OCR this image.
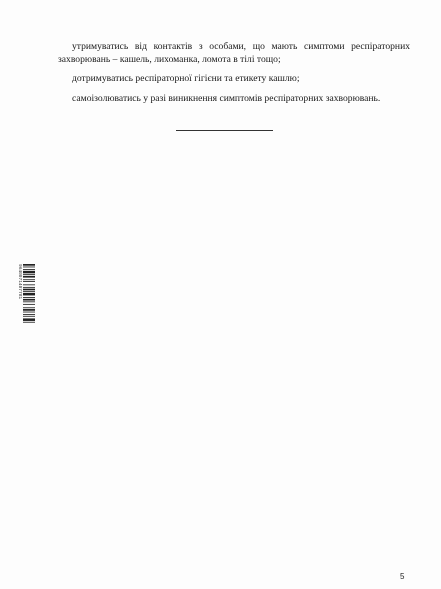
утримуватись від контактів з особами, що мають симптоми респіраторних захворювань – кашель, лихоманка, ломота в тілі тощо;

дотримуватись респіраторної гігієни та етикету кашлю;

самоізолюватись у разі виникнення симптомів респіраторних захворювань.

9640071407781
5
